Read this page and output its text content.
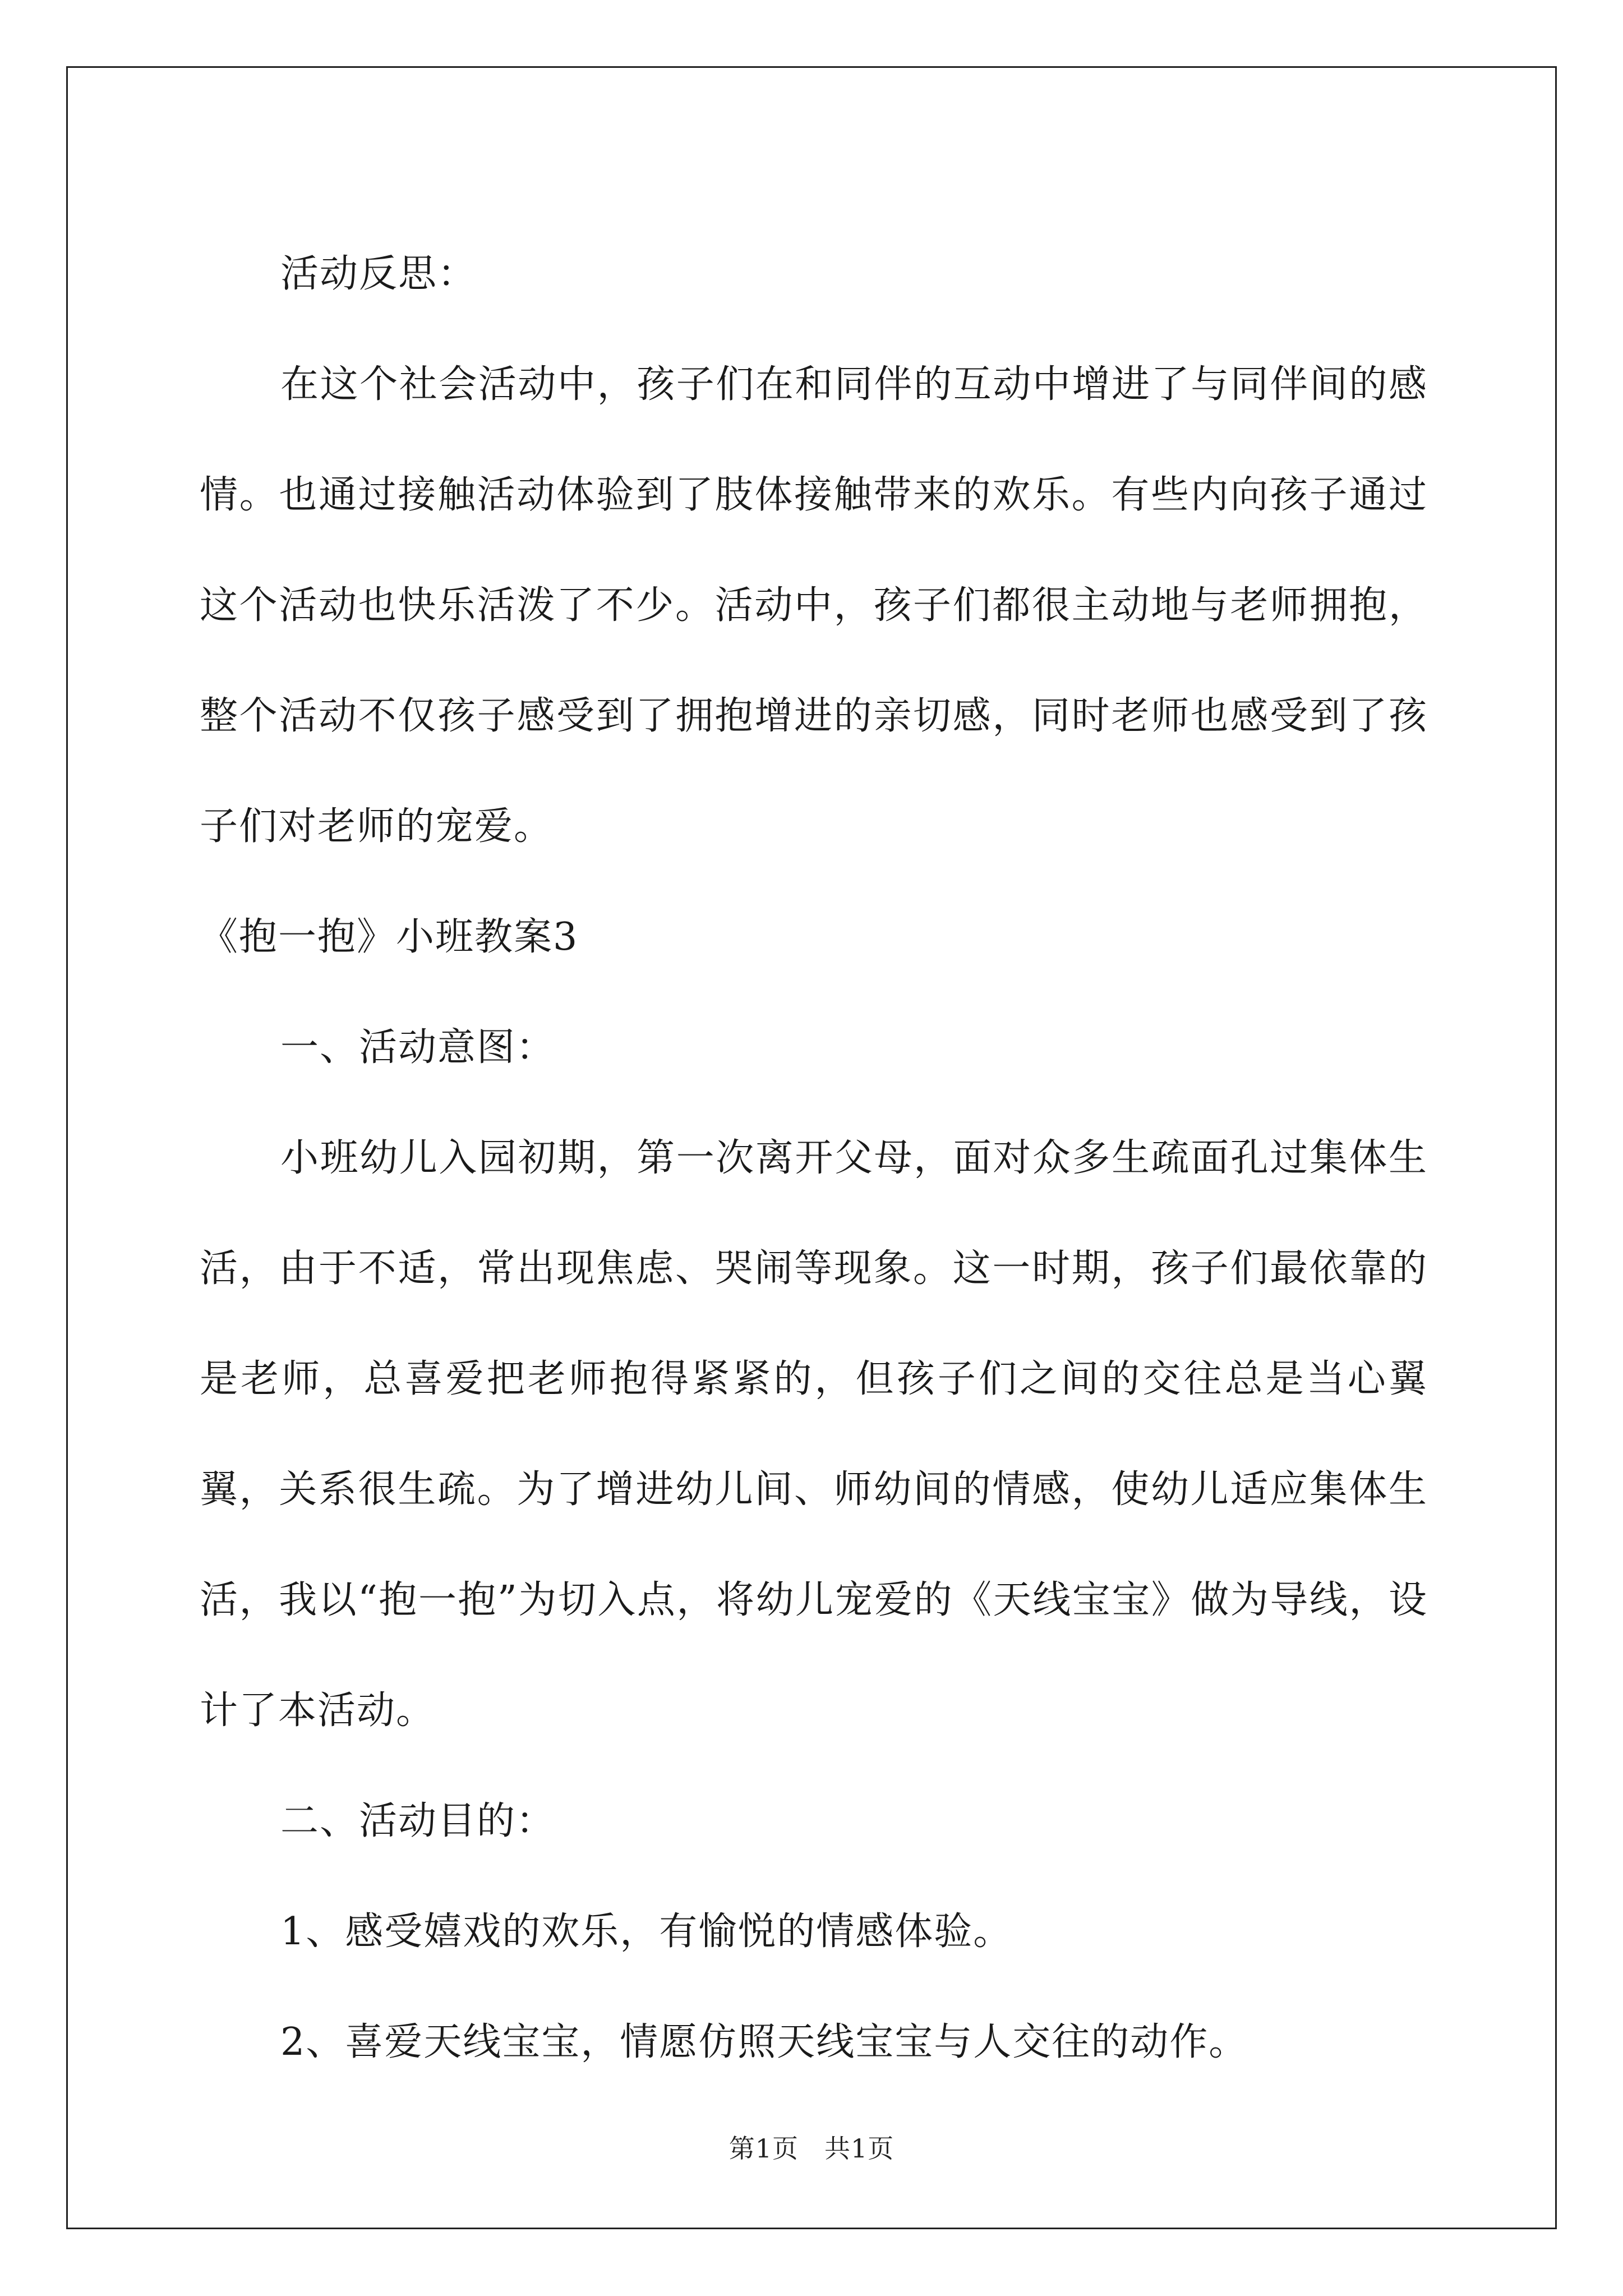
活动反思：

在这个社会活动中，孩子们在和同伴的互动中增进了与同伴间的感情。也通过接触活动体验到了肢体接触带来的欢乐。有些内向孩子通过这个活动也快乐活泼了不少。活动中，孩子们都很主动地与老师拥抱，整个活动不仅孩子感受到了拥抱增进的亲切感，同时老师也感受到了孩子们对老师的宠爱。

《抱一抱》小班教案3

一、活动意图：

小班幼儿入园初期，第一次离开父母，面对众多生疏面孔过集体生活，由于不适，常出现焦虑、哭闹等现象。这一时期，孩子们最依靠的是老师，总喜爱把老师抱得紧紧的，但孩子们之间的交往总是当心翼翼，关系很生疏。为了增进幼儿间、师幼间的情感，使幼儿适应集体生活，我以“抱一抱”为切入点，将幼儿宠爱的《天线宝宝》做为导线，设计了本活动。

二、活动目的：

1、感受嬉戏的欢乐，有愉悦的情感体验。

2、喜爱天线宝宝，情愿仿照天线宝宝与人交往的动作。

第1页 共1页
